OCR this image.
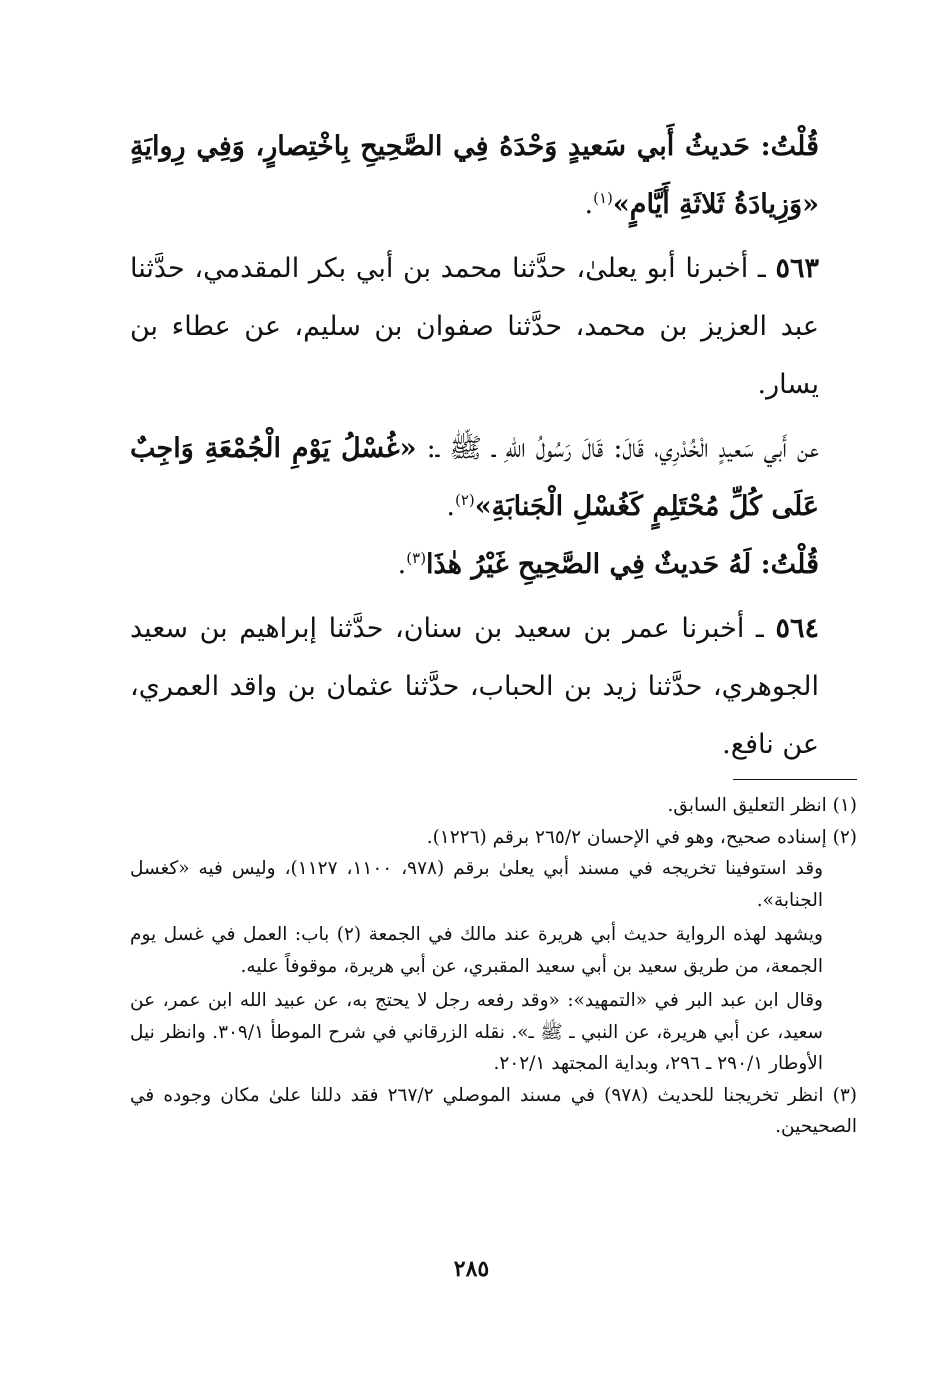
قُلْتُ: حَديثُ أَبي سَعيدٍ وَحْدَهُ فِي الصَّحِيحِ بِاخْتِصارٍ، وَفِي رِوايَةٍ «وَزِيادَةُ ثَلاثَةِ أَيَّامٍ»$^{(١)}$.

٥٦٣ ـ أخبرنا أبو يعلىٰ، حدَّثنا محمد بن أبي بكر المقدمي، حدَّثنا عبد العزيز بن محمد، حدَّثنا صفوان بن سليم، عن عطاء بن يسار.

عن أَبي سَعيدٍ الْخُدْرِي، قَالَ: قَالَ رَسُولُ اللهِ ـ ﷺ ـ: «غُسْلُ يَوْمِ الْجُمْعَةِ وَاجِبٌ عَلَى كُلِّ مُحْتَلِمٍ كَغُسْلِ الْجَنابَةِ»$^{(٢)}$.

قُلْتُ: لَهُ حَديثٌ فِي الصَّحِيحِ غَيْرُ هٰذَا$^{(٣)}$.

٥٦٤ ـ أخبرنا عمر بن سعيد بن سنان، حدَّثنا إبراهيم بن سعيد الجوهري، حدَّثنا زيد بن الحباب، حدَّثنا عثمان بن واقد العمري، عن نافع.

(١) انظر التعليق السابق.

(٢) إسناده صحيح، وهو في الإحسان ٢٦٥/٢ برقم (١٢٢٦).

وقد استوفينا تخريجه في مسند أبي يعلىٰ برقم (٩٧٨، ١١٠٠، ١١٢٧)، وليس فيه «كغسل الجنابة».

ويشهد لهذه الرواية حديث أبي هريرة عند مالك في الجمعة (٢) باب: العمل في غسل يوم الجمعة، من طريق سعيد بن أبي سعيد المقبري، عن أبي هريرة، موقوفاً عليه.

وقال ابن عبد البر في «التمهيد»: «وقد رفعه رجل لا يحتج به، عن عبيد الله ابن عمر، عن سعيد، عن أبي هريرة، عن النبي ـ ﷺ ـ». نقله الزرقاني في شرح الموطأ ٣٠٩/١. وانظر نيل الأوطار ٢٩٠/١ ـ ٢٩٦، وبداية المجتهد ٢٠٢/١.

(٣) انظر تخريجنا للحديث (٩٧٨) في مسند الموصلي ٢٦٧/٢ فقد دللنا علىٰ مكان وجوده في الصحيحين.

٢٨٥
